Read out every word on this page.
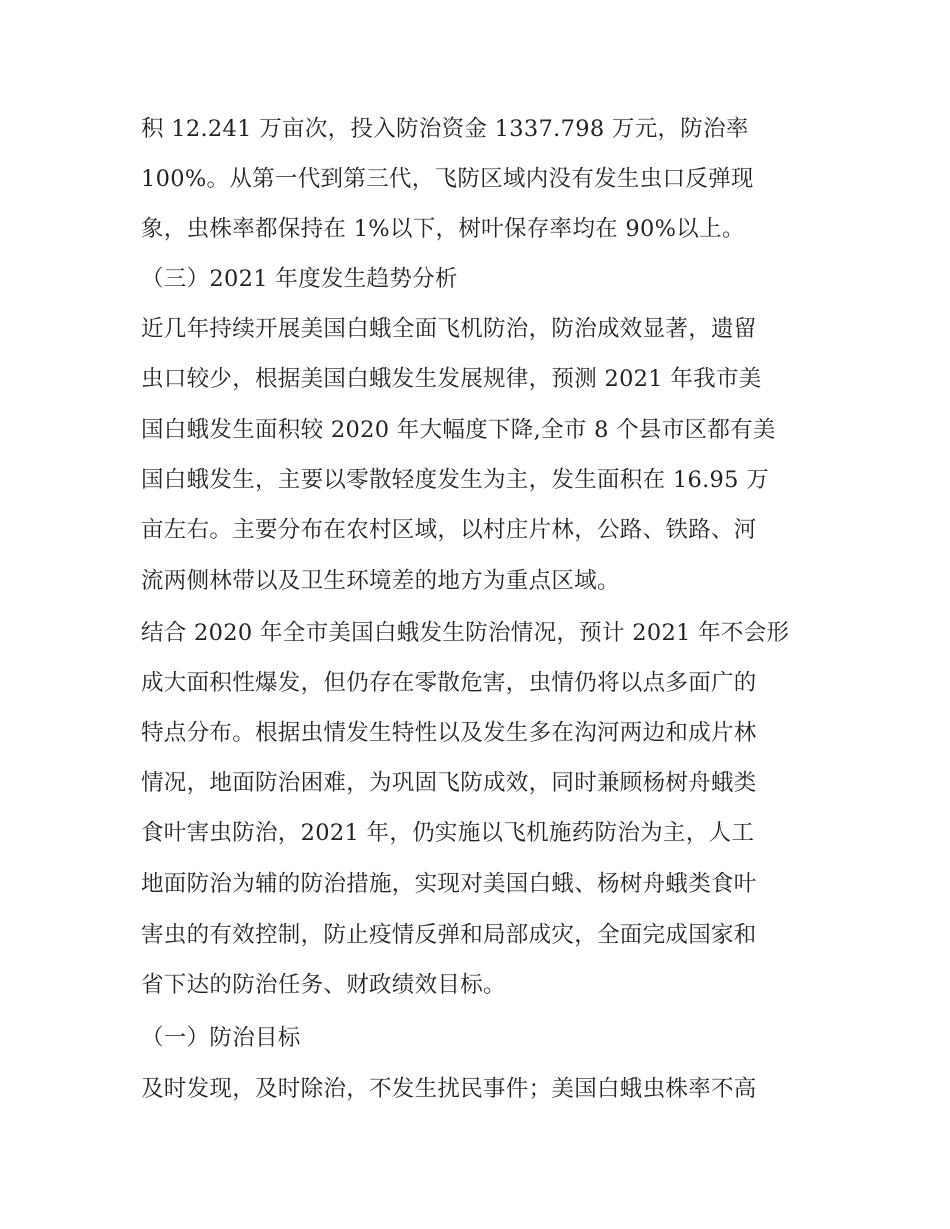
积 12.241 万亩次，投入防治资金 1337.798 万元，防治率
100%。从第一代到第三代，飞防区域内没有发生虫口反弹现
象，虫株率都保持在 1%以下，树叶保存率均在 90%以上。
（三）2021 年度发生趋势分析
近几年持续开展美国白蛾全面飞机防治，防治成效显著，遗留
虫口较少，根据美国白蛾发生发展规律，预测 2021 年我市美
国白蛾发生面积较 2020 年大幅度下降,全市 8 个县市区都有美
国白蛾发生，主要以零散轻度发生为主，发生面积在 16.95 万
亩左右。主要分布在农村区域，以村庄片林，公路、铁路、河
流两侧林带以及卫生环境差的地方为重点区域。
结合 2020 年全市美国白蛾发生防治情况，预计 2021 年不会形
成大面积性爆发，但仍存在零散危害，虫情仍将以点多面广的
特点分布。根据虫情发生特性以及发生多在沟河两边和成片林
情况，地面防治困难，为巩固飞防成效，同时兼顾杨树舟蛾类
食叶害虫防治，2021 年，仍实施以飞机施药防治为主，人工
地面防治为辅的防治措施，实现对美国白蛾、杨树舟蛾类食叶
害虫的有效控制，防止疫情反弹和局部成灾，全面完成国家和
省下达的防治任务、财政绩效目标。
（一）防治目标
及时发现，及时除治，不发生扰民事件；美国白蛾虫株率不高
